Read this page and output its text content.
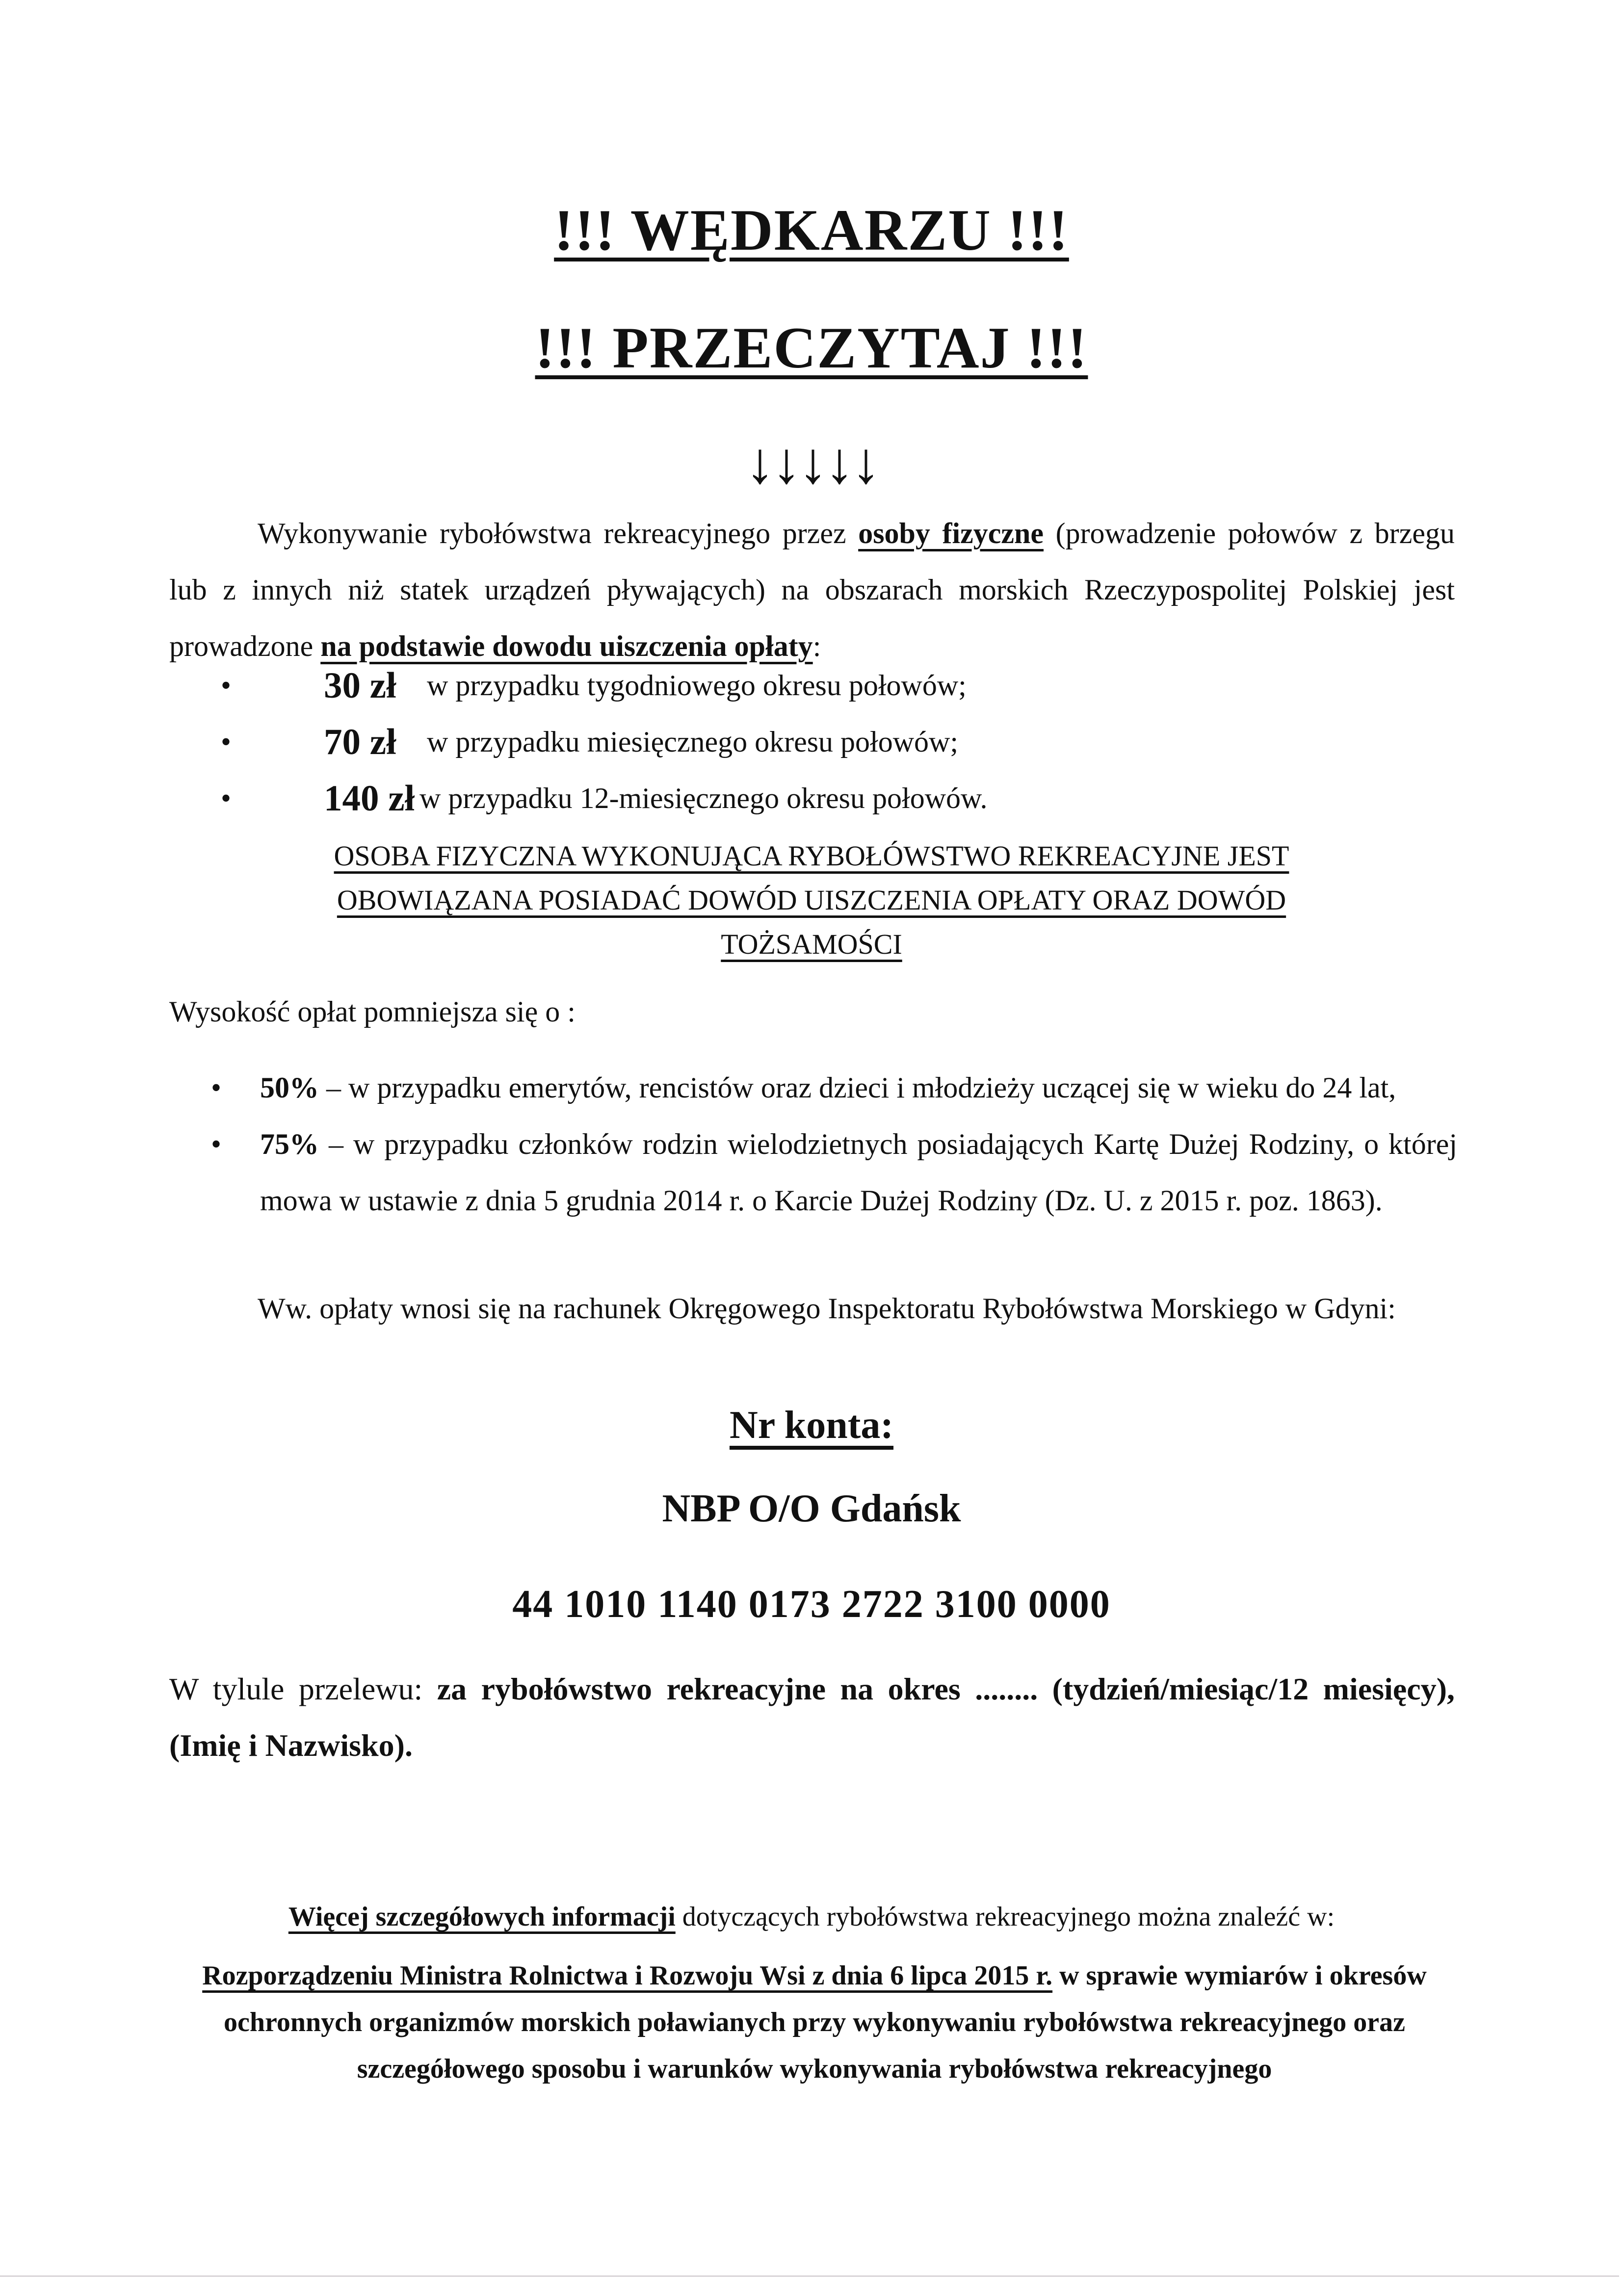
!!! WĘDKARZU !!!
!!! PRZECZYTAJ !!!
↓↓↓↓↓
Wykonywanie rybołówstwa rekreacyjnego przez osoby fizyczne (prowadzenie połowów z brzegu lub z innych niż statek urządzeń pływających) na obszarach morskich Rzeczypospolitej Polskiej jest prowadzone na podstawie dowodu uiszczenia opłaty:
•	30 zł w przypadku tygodniowego okresu połowów;
•	70 zł w przypadku miesięcznego okresu połowów;
•	140 zł w przypadku 12-miesięcznego okresu połowów.
OSOBA FIZYCZNA WYKONUJĄCA RYBOŁÓWSTWO REKREACYJNE JEST
OBOWIĄZANA POSIADAĆ DOWÓD UISZCZENIA OPŁATY ORAZ DOWÓD
TOŻSAMOŚCI
Wysokość opłat pomniejsza się o :
• 50% – w przypadku emerytów, rencistów oraz dzieci i młodzieży uczącej się w wieku do 24 lat,
• 75% – w przypadku członków rodzin wielodzietnych posiadających Kartę Dużej Rodziny, o której mowa w ustawie z dnia 5 grudnia 2014 r. o Karcie Dużej Rodziny (Dz. U. z 2015 r. poz. 1863).
Ww. opłaty wnosi się na rachunek Okręgowego Inspektoratu Rybołówstwa Morskiego w Gdyni:
Nr konta:
NBP O/O Gdańsk
44 1010 1140 0173 2722 3100 0000
W tylule przelewu: za rybołówstwo rekreacyjne na okres ........ (tydzień/miesiąc/12 miesięcy), (Imię i Nazwisko).
Więcej szczegółowych informacji dotyczących rybołówstwa rekreacyjnego można znaleźć w:
Rozporządzeniu Ministra Rolnictwa i Rozwoju Wsi z dnia 6 lipca 2015 r. w sprawie wymiarów i okresów ochronnych organizmów morskich poławianych przy wykonywaniu rybołówstwa rekreacyjnego oraz szczegółowego sposobu i warunków wykonywania rybołówstwa rekreacyjnego
